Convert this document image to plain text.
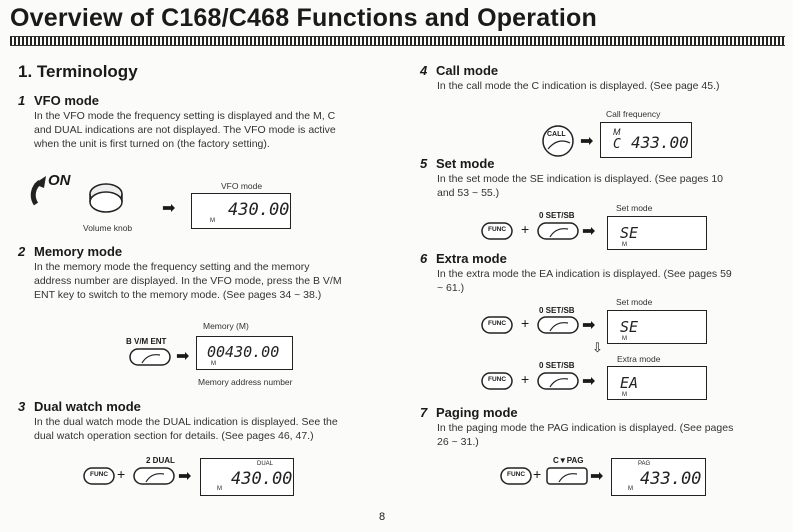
Overview of C168/C468 Functions and Operation
1. Terminology
1 VFO mode
In the VFO mode the frequency setting is displayed and the M, C and DUAL indications are not displayed. The VFO mode is active when the unit is first turned on (the factory setting).
ON
Volume knob
➡
VFO mode
M
430.00
2 Memory mode
In the memory mode the frequency setting and the memory address number are displayed. In the VFO mode, press the B V/M ENT key to switch to the memory mode. (See pages 34 ~ 38.)
B V/M ENT
➡
Memory (M)
M
00430.00
Memory address number
3 Dual watch mode
In the dual watch mode the DUAL indication is displayed. See the dual watch operation section for details. (See pages 46, 47.)
FUNC +
2 DUAL
➡
DUAL
M 430.00
4 Call mode
In the call mode the C indication is displayed. (See page 45.)
Call frequency
CALL ➡
M
C 433.00
5 Set mode
In the set mode the SE indication is displayed. (See pages 10 and 53 ~ 55.)
0 SET/SB
FUNC +	➡
Set mode
SE
M
6 Extra mode
In the extra mode the EA indication is displayed. (See pages 59 ~ 61.)
0 SET/SB
FUNC +	➡
Set mode
SE
M
⇩
0 SET/SB
FUNC +	➡
Extra mode
EA
M
7 Paging mode
In the paging mode the PAG indication is displayed. (See pages 26 ~ 31.)
FUNC +
C▼PAG
➡
PAG
M 433.00
8
